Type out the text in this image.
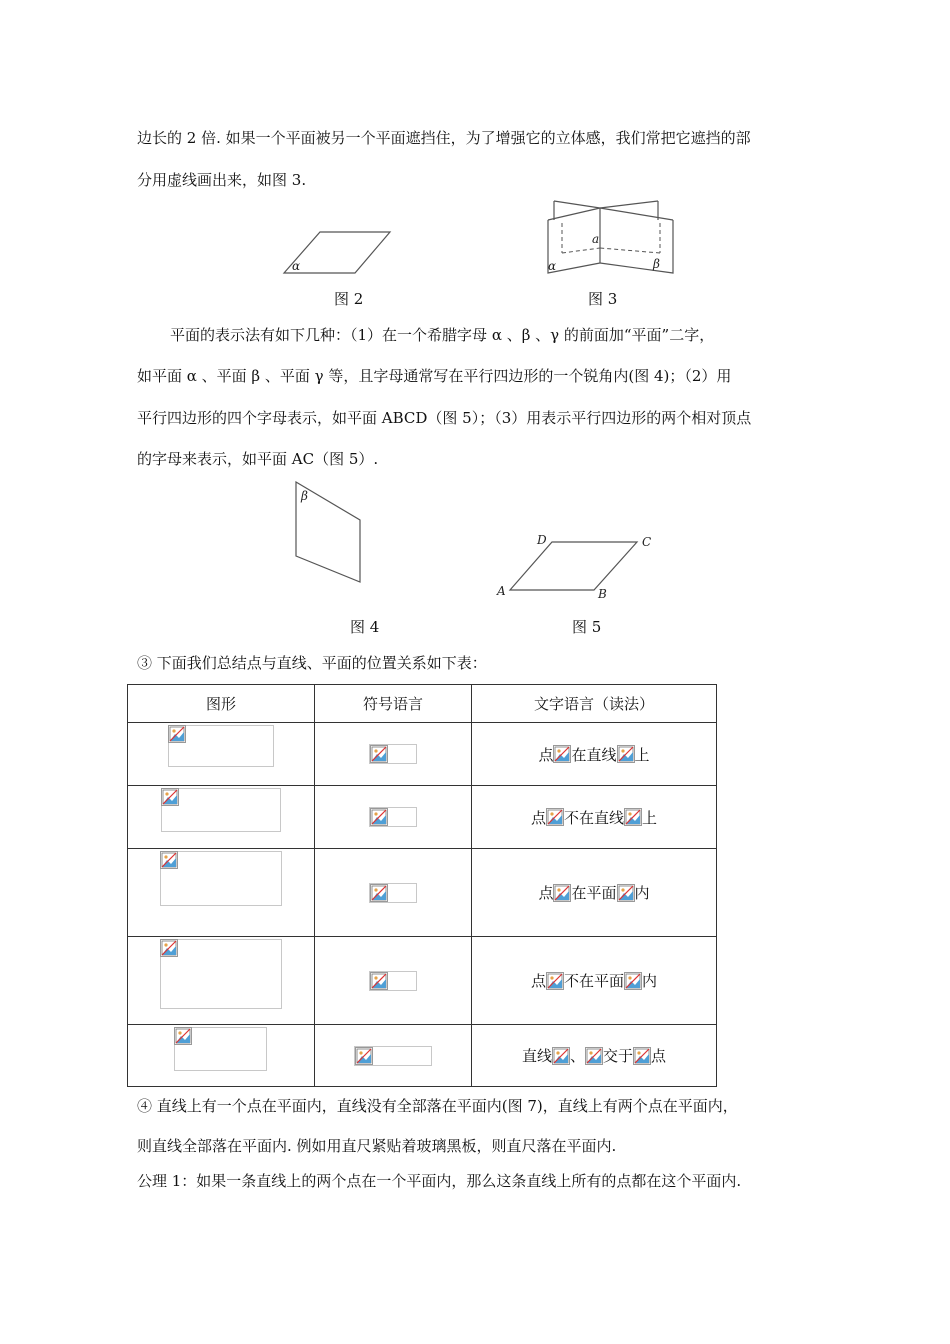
边长的 2 倍. 如果一个平面被另一个平面遮挡住，为了增强它的立体感，我们常把它遮挡的部
分用虚线画出来，如图 3.
α
图 2
a
α	β
图 3
平面的表示法有如下几种：（1）在一个希腊字母 α 、β 、γ 的前面加“平面”二字，
如平面 α 、平面 β 、平面 γ 等，且字母通常写在平行四边形的一个锐角内(图 4)；（2）用
平行四边形的四个字母表示，如平面 ABCD（图 5）；（3）用表示平行四边形的两个相对顶点
的字母来表示，如平面 AC（图 5）.
β
图 4
A	B
C
D
图 5
③ 下面我们总结点与直线、平面的位置关系如下表：
图形	符号语言	文字语言（读法）

点 在直线 上

点 不在直线 上

点 在平面 内

点 不在平面 内

直线 、 交于 点
④ 直线上有一个点在平面内，直线没有全部落在平面内(图 7)，直线上有两个点在平面内，
则直线全部落在平面内. 例如用直尺紧贴着玻璃黑板，则直尺落在平面内.
公理 1：如果一条直线上的两个点在一个平面内，那么这条直线上所有的点都在这个平面内.
